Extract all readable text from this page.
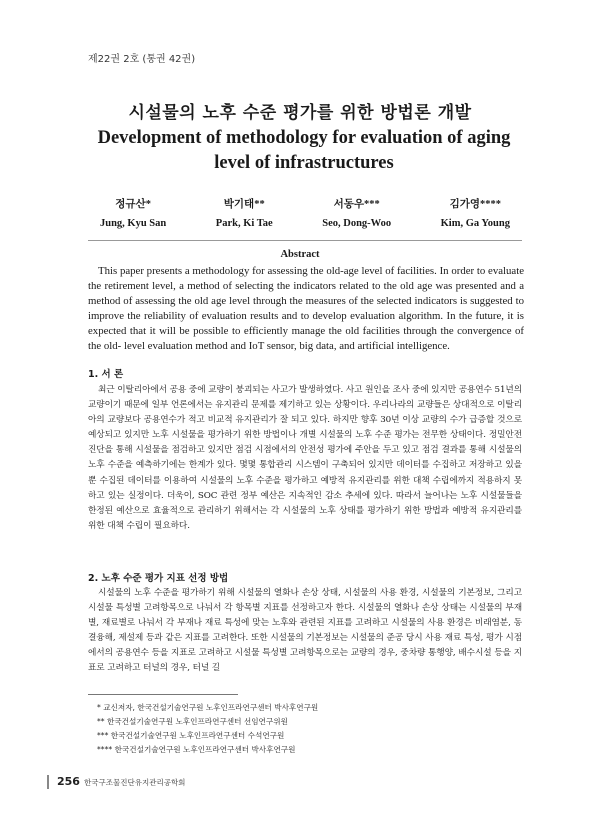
제22권 2호 (통권 42권)
시설물의 노후 수준 평가를 위한 방법론 개발
Development of methodology for evaluation of aging level of infrastructures
정규산*
Jung, Kyu San
박기태**
Park, Ki Tae
서동우***
Seo, Dong-Woo
김가영****
Kim, Ga Young
Abstract

This paper presents a methodology for assessing the old-age level of facilities. In order to evaluate the retirement level, a method of selecting the indicators related to the old age was presented and a method of assessing the old age level through the measures of the selected indicators is suggested to improve the reliability of evaluation results and to develop evaluation algorithm. In the future, it is expected that it will be possible to efficiently manage the old facilities through the convergence of the old- level evaluation method and IoT sensor, big data, and artificial intelligence.

1. 서 론

최근 이탈리아에서 공용 중에 교량이 붕괴되는 사고가 발생하였다. 사고 원인을 조사 중에 있지만 공용연수 51년의 교량이기 때문에 일부 언론에서는 유지관리 문제를 제기하고 있는 상황이다. 우리나라의 교량들은 상대적으로 이탈리아의 교량보다 공용연수가 적고 비교적 유지관리가 잘 되고 있다. 하지만 향후 30년 이상 교량의 수가 급증할 것으로 예상되고 있지만 노후 시설물을 평가하기 위한 방법이나 개별 시설물의 노후 수준 평가는 전무한 상태이다. 정밀안전진단을 통해 시설물을 점검하고 있지만 점검 시점에서의 안전성 평가에 주안을 두고 있고 점검 결과를 통해 시설물의 노후 수준을 예측하기에는 한계가 있다. 몇몇 통합관리 시스템이 구축되어 있지만 데이터를 수집하고 저장하고 있을 뿐 수집된 데이터를 이용하여 시설물의 노후 수준을 평가하고 예방적 유지관리를 위한 대책 수립에까지 적용하지 못하고 있는 실정이다. 더욱이, SOC 관련 정부 예산은 지속적인 감소 추세에 있다. 따라서 늘어나는 노후 시설물들을 한정된 예산으로 효율적으로 관리하기 위해서는 각 시설물의 노후 상태를 평가하기 위한 방법과 예방적 유지관리를 위한 대책 수립이 필요하다.

2. 노후 수준 평가 지표 선정 방법

시설물의 노후 수준을 평가하기 위해 시설물의 열화나 손상 상태, 시설물의 사용 환경, 시설물의 기본정보, 그리고 시설물 특성별 고려항목으로 나눠서 각 항목별 지표를 선정하고자 한다. 시설물의 열화나 손상 상태는 시설물의 부재별, 재료별로 나눠서 각 부재나 재료 특성에 맞는 노후와 관련된 지표를 고려하고 시설물의 사용 환경은 비래염분, 동결융해, 제설제 등과 같은 지표를 고려한다. 또한 시설물의 기본정보는 시설물의 준공 당시 사용 재료 특성, 평가 시점에서의 공용연수 등을 지표로 고려하고 시설물 특성별 고려항목으로는 교량의 경우, 중차량 통행양, 배수시설 등을 지표로 고려하고 터널의 경우, 터널 길

* 교신저자, 한국건설기술연구원 노후인프라연구센터 박사후연구원
** 한국건설기술연구원 노후인프라연구센터 선임연구위원
*** 한국건설기술연구원 노후인프라연구센터 수석연구원
**** 한국건설기술연구원 노후인프라연구센터 박사후연구원
256 한국구조물진단유지관리공학회
